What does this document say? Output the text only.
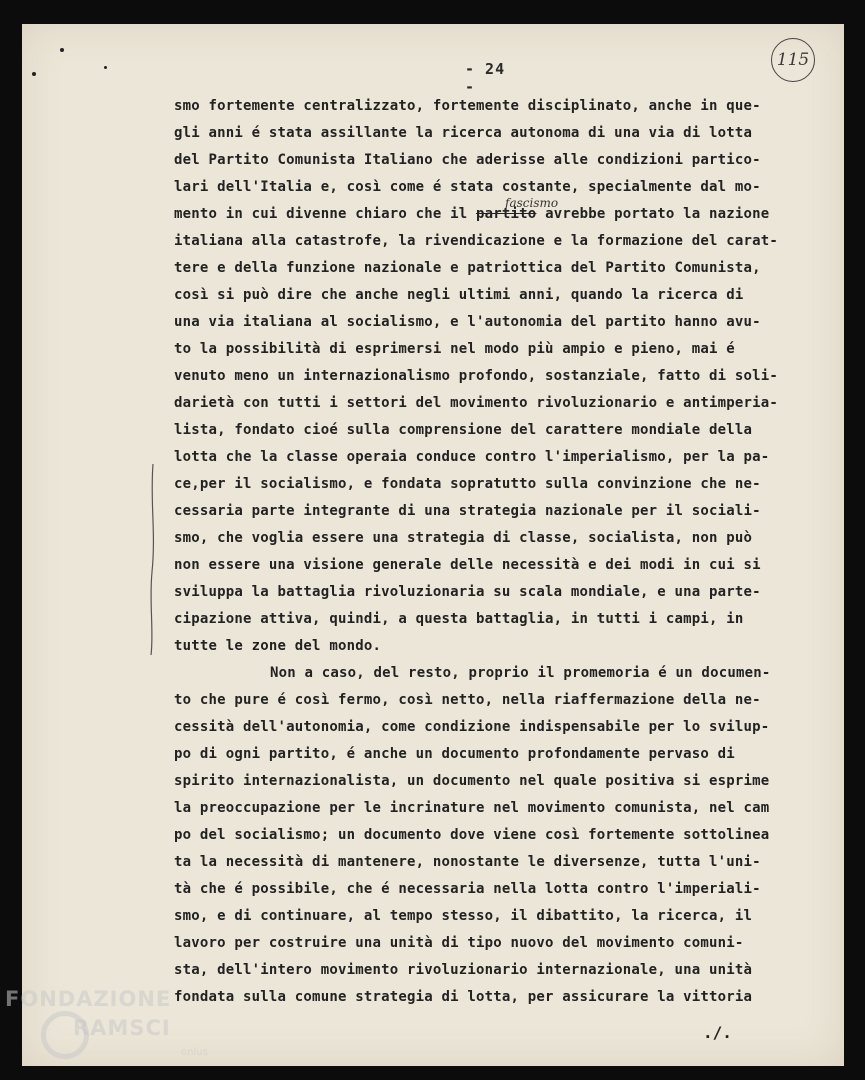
- 24 -
115
fascismo
smo fortemente centralizzato, fortemente disciplinato, anche in que-
gli anni é stata assillante la ricerca autonoma di una via di lotta
del Partito Comunista Italiano che aderisse alle condizioni partico-
lari dell'Italia e, così come é stata costante, specialmente dal mo-
mento in cui divenne chiaro che il partito avrebbe portato la nazione
italiana alla catastrofe, la rivendicazione e la formazione del carat-
tere e della funzione nazionale e patriottica del Partito Comunista,
così si può dire che anche negli ultimi anni, quando la ricerca di
una via italiana al socialismo, e l'autonomia del partito hanno avu-
to la possibilità di esprimersi nel modo più ampio e pieno, mai é
venuto meno un internazionalismo profondo, sostanziale, fatto di soli-
darietà con tutti i settori del movimento rivoluzionario e antimperia-
lista, fondato cioé sulla comprensione del carattere mondiale della
lotta che la classe operaia conduce contro l'imperialismo, per la pa-
ce,per il socialismo, e fondata sopratutto sulla convinzione che ne-
cessaria parte integrante di una strategia nazionale per il sociali-
smo, che voglia essere una strategia di classe, socialista, non può
non essere una visione generale delle necessità e dei modi in cui si
sviluppa la battaglia rivoluzionaria su scala mondiale, e una parte-
cipazione attiva, quindi, a questa battaglia, in tutti i campi, in
tutte le zone del mondo.
Non a caso, del resto, proprio il promemoria é un documen-
to che pure é così fermo, così netto, nella riaffermazione della ne-
cessità dell'autonomia, come condizione indispensabile per lo svilup-
po di ogni partito, é anche un documento profondamente pervaso di
spirito internazionalista, un documento nel quale positiva si esprime
la preoccupazione per le incrinature nel movimento comunista, nel cam
po del socialismo; un documento dove viene così fortemente sottolinea
ta la necessità di mantenere, nonostante le diversenze, tutta l'uni-
tà che é possibile, che é necessaria nella lotta contro l'imperiali-
smo, e di continuare, al tempo stesso, il dibattito, la ricerca, il
lavoro per costruire una unità di tipo nuovo del movimento comuni-
sta, dell'intero movimento rivoluzionario internazionale, una unità
fondata sulla comune strategia di lotta, per assicurare la vittoria
./.
FONDAZIONE
RAMSCI
onlus
